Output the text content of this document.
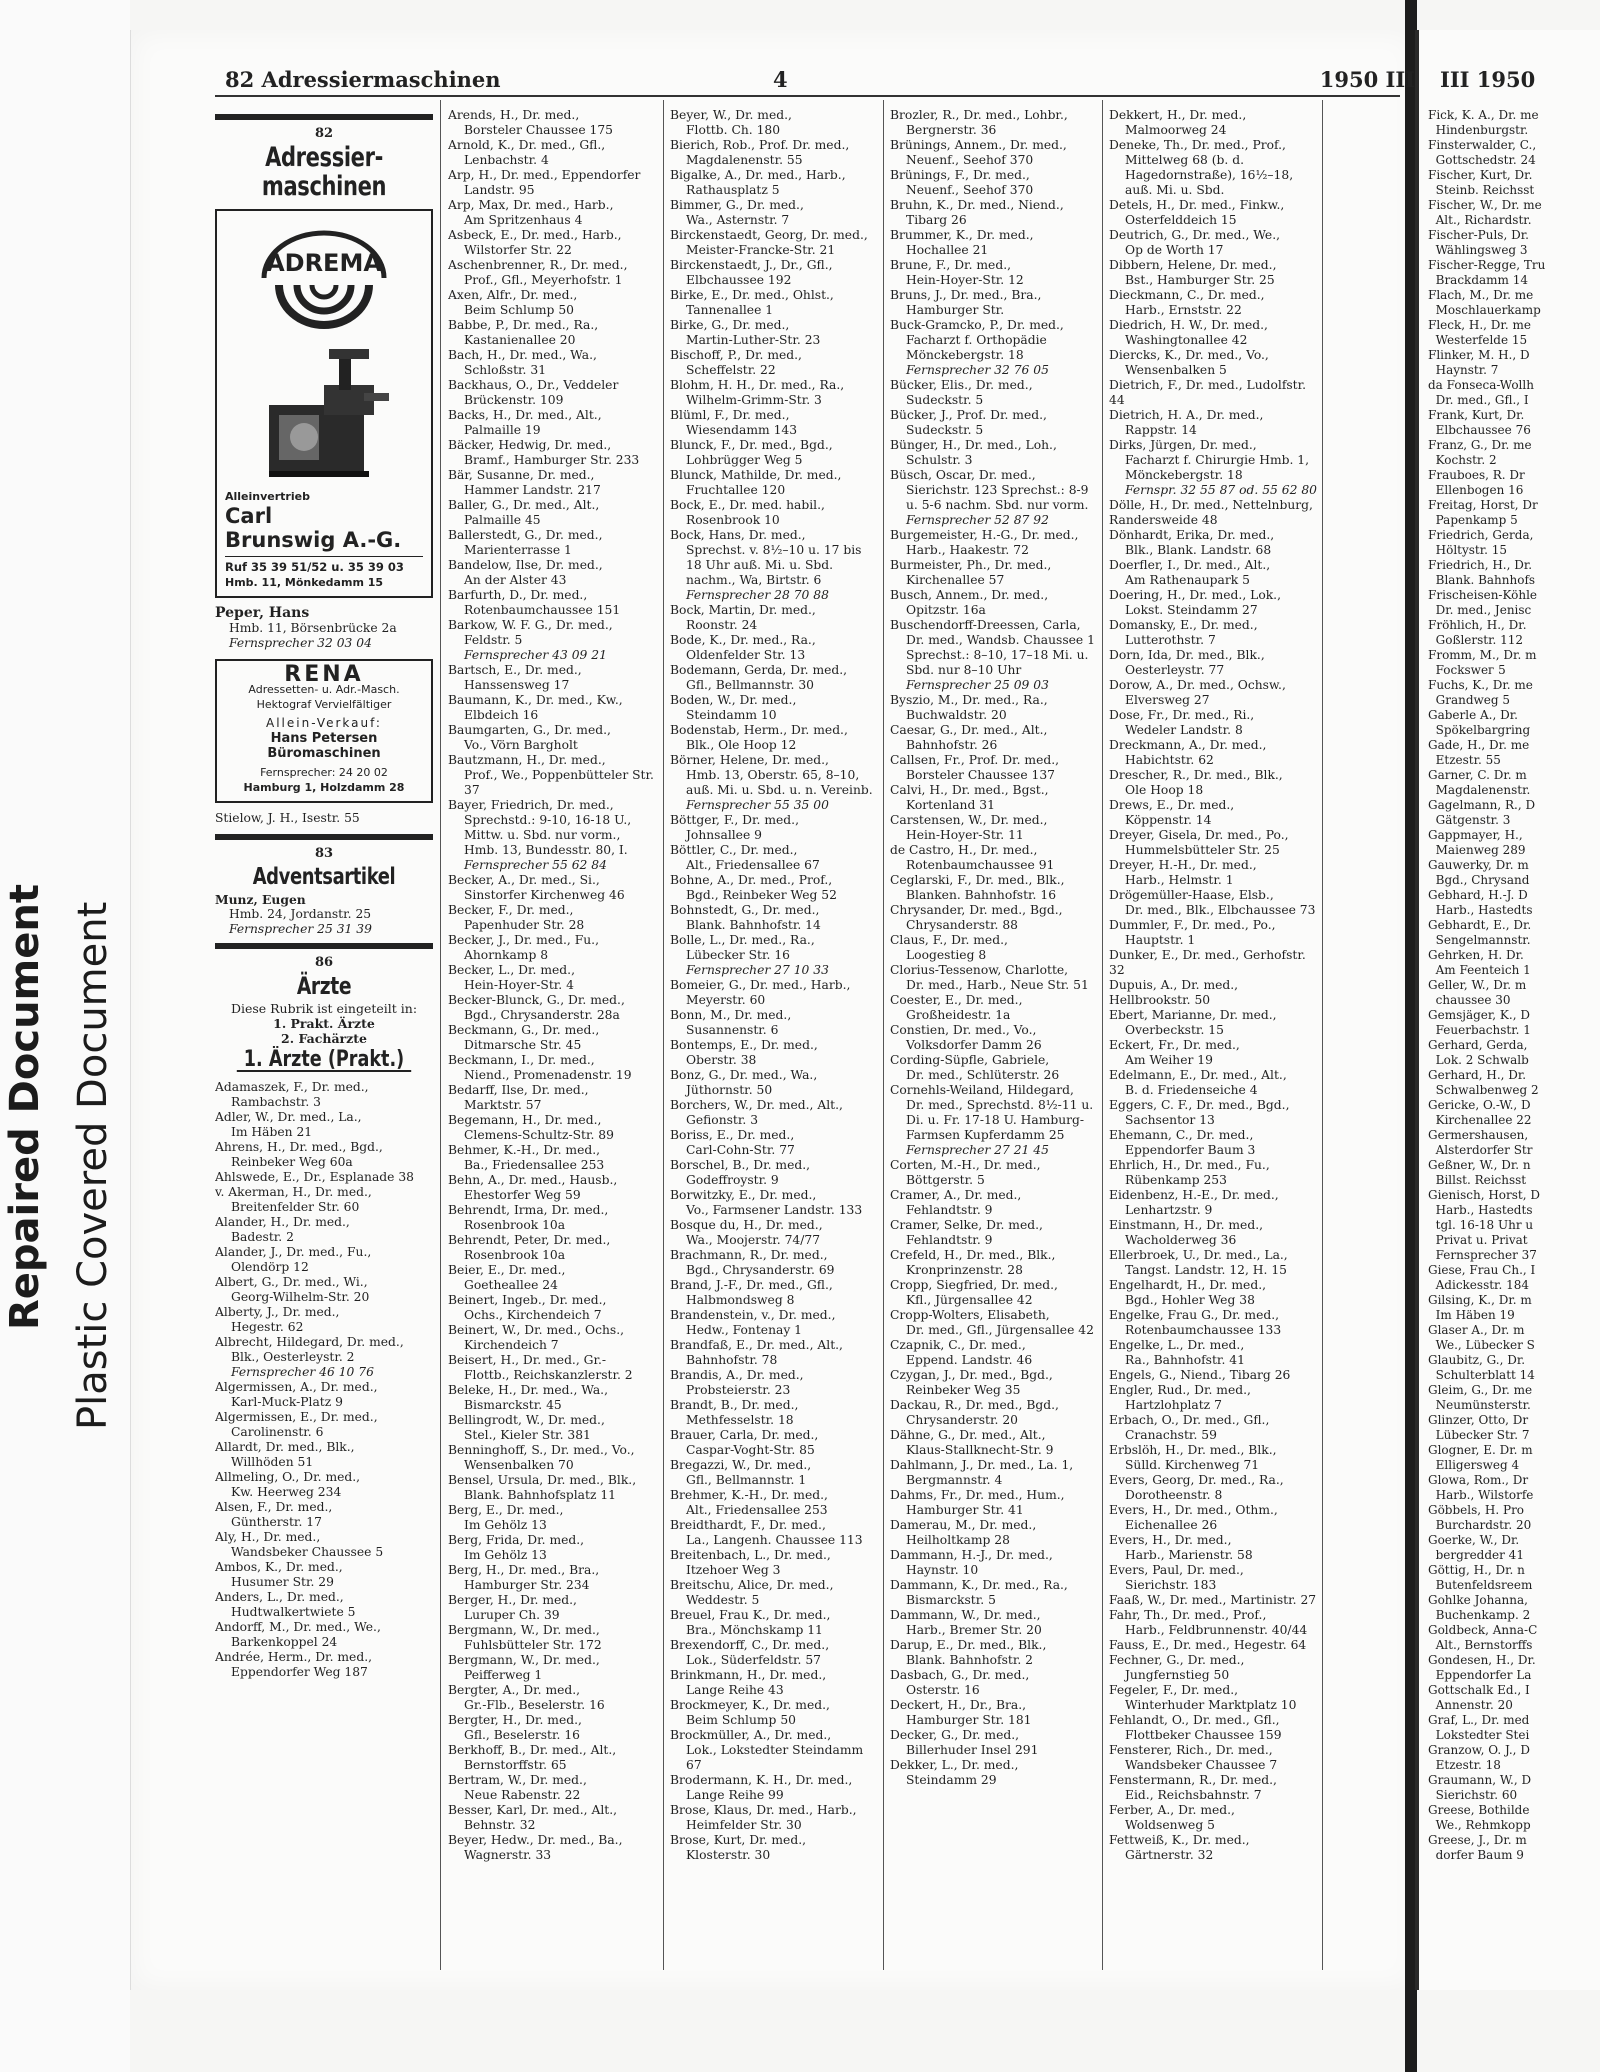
Repaired Document Plastic Covered Document
III 1950
82 Adressiermaschinen	4	1950 III
82
Adressier-
maschinen
ADREMA
Alleinvertrieb
Carl
Brunswig A.-G.
Ruf 35 39 51/52 u. 35 39 03
Hmb. 11, Mönkedamm 15
Peper, Hans
Hmb. 11, Börsenbrücke 2a
Fernsprecher 32 03 04
RENA
Adressetten- u. Adr.-Masch.
Hektograf Vervielfältiger
Allein-Verkauf:
Hans Petersen
Büromaschinen
Fernsprecher: 24 20 02
Hamburg 1, Holzdamm 28
Stielow, J. H., Isestr. 55
83
Adventsartikel
Munz, Eugen
Hmb. 24, Jordanstr. 25
Fernsprecher 25 31 39
86
Ärzte
Diese Rubrik ist eingeteilt in:
1. Prakt. Ärzte
2. Fachärzte
1. Ärzte (Prakt.)
Adamaszek, F., Dr. med.,
Rambachstr. 3
Adler, W., Dr. med., La.,
Im Häben 21
Ahrens, H., Dr. med., Bgd.,
Reinbeker Weg 60a
Ahlswede, E., Dr., Esplanade 38
v. Akerman, H., Dr. med.,
Breitenfelder Str. 60
Alander, H., Dr. med.,
Badestr. 2
Alander, J., Dr. med., Fu.,
Olendörp 12
Albert, G., Dr. med., Wi.,
Georg-Wilhelm-Str. 20
Alberty, J., Dr. med.,
Hegestr. 62
Albrecht, Hildegard, Dr. med.,
Blk., Oesterleystr. 2
Fernsprecher 46 10 76
Algermissen, A., Dr. med.,
Karl-Muck-Platz 9
Algermissen, E., Dr. med.,
Carolinenstr. 6
Allardt, Dr. med., Blk.,
Willhöden 51
Allmeling, O., Dr. med.,
Kw. Heerweg 234
Alsen, F., Dr. med.,
Güntherstr. 17
Aly, H., Dr. med.,
Wandsbeker Chaussee 5
Ambos, K., Dr. med.,
Husumer Str. 29
Anders, L., Dr. med.,
Hudtwalkertwiete 5
Andorff, M., Dr. med., We.,
Barkenkoppel 24
Andrée, Herm., Dr. med.,
Eppendorfer Weg 187
Arends, H., Dr. med.,
Borsteler Chaussee 175
Arnold, K., Dr. med., Gfl.,
Lenbachstr. 4
Arp, H., Dr. med., Eppendorfer
Landstr. 95
Arp, Max, Dr. med., Harb.,
Am Spritzenhaus 4
Asbeck, E., Dr. med., Harb.,
Wilstorfer Str. 22
Aschenbrenner, R., Dr. med.,
Prof., Gfl., Meyerhofstr. 1
Axen, Alfr., Dr. med.,
Beim Schlump 50
Babbe, P., Dr. med., Ra.,
Kastanienallee 20
Bach, H., Dr. med., Wa.,
Schloßstr. 31
Backhaus, O., Dr., Veddeler
Brückenstr. 109
Backs, H., Dr. med., Alt.,
Palmaille 19
Bäcker, Hedwig, Dr. med.,
Bramf., Hamburger Str. 233
Bär, Susanne, Dr. med.,
Hammer Landstr. 217
Baller, G., Dr. med., Alt.,
Palmaille 45
Ballerstedt, G., Dr. med.,
Marienterrasse 1
Bandelow, Ilse, Dr. med.,
An der Alster 43
Barfurth, D., Dr. med.,
Rotenbaumchaussee 151
Barkow, W. F. G., Dr. med.,
Feldstr. 5
Fernsprecher 43 09 21
Bartsch, E., Dr. med.,
Hanssensweg 17
Baumann, K., Dr. med., Kw.,
Elbdeich 16
Baumgarten, G., Dr. med.,
Vo., Vörn Bargholt
Bautzmann, H., Dr. med.,
Prof., We., Poppenbütteler Str. 37
Bayer, Friedrich, Dr. med.,
Sprechstd.: 9-10, 16-18 U., Mittw. u. Sbd. nur vorm., Hmb. 13, Bundesstr. 80, I.
Fernsprecher 55 62 84
Becker, A., Dr. med., Si.,
Sinstorfer Kirchenweg 46
Becker, F., Dr. med.,
Papenhuder Str. 28
Becker, J., Dr. med., Fu.,
Ahornkamp 8
Becker, L., Dr. med.,
Hein-Hoyer-Str. 4
Becker-Blunck, G., Dr. med.,
Bgd., Chrysanderstr. 28a
Beckmann, G., Dr. med.,
Ditmarsche Str. 45
Beckmann, I., Dr. med.,
Niend., Promenadenstr. 19
Bedarff, Ilse, Dr. med.,
Marktstr. 57
Begemann, H., Dr. med.,
Clemens-Schultz-Str. 89
Behmer, K.-H., Dr. med.,
Ba., Friedensallee 253
Behn, A., Dr. med., Hausb.,
Ehestorfer Weg 59
Behrendt, Irma, Dr. med.,
Rosenbrook 10a
Behrendt, Peter, Dr. med.,
Rosenbrook 10a
Beier, E., Dr. med.,
Goetheallee 24
Beinert, Ingeb., Dr. med.,
Ochs., Kirchendeich 7
Beinert, W., Dr. med., Ochs.,
Kirchendeich 7
Beisert, H., Dr. med., Gr.-
Flottb., Reichskanzlerstr. 2
Beleke, H., Dr. med., Wa.,
Bismarckstr. 45
Bellingrodt, W., Dr. med.,
Stel., Kieler Str. 381
Benninghoff, S., Dr. med., Vo.,
Wensenbalken 70
Bensel, Ursula, Dr. med., Blk.,
Blank. Bahnhofsplatz 11
Berg, E., Dr. med.,
Im Gehölz 13
Berg, Frida, Dr. med.,
Im Gehölz 13
Berg, H., Dr. med., Bra.,
Hamburger Str. 234
Berger, H., Dr. med.,
Luruper Ch. 39
Bergmann, W., Dr. med.,
Fuhlsbütteler Str. 172
Bergmann, W., Dr. med.,
Peifferweg 1
Bergter, A., Dr. med.,
Gr.-Flb., Beselerstr. 16
Bergter, H., Dr. med.,
Gfl., Beselerstr. 16
Berkhoff, B., Dr. med., Alt.,
Bernstorffstr. 65
Bertram, W., Dr. med.,
Neue Rabenstr. 22
Besser, Karl, Dr. med., Alt.,
Behnstr. 32
Beyer, Hedw., Dr. med., Ba.,
Wagnerstr. 33
Beyer, W., Dr. med.,
Flottb. Ch. 180
Bierich, Rob., Prof. Dr. med.,
Magdalenenstr. 55
Bigalke, A., Dr. med., Harb.,
Rathausplatz 5
Bimmer, G., Dr. med.,
Wa., Asternstr. 7
Birckenstaedt, Georg, Dr. med.,
Meister-Francke-Str. 21
Birckenstaedt, J., Dr., Gfl.,
Elbchaussee 192
Birke, E., Dr. med., Ohlst.,
Tannenallee 1
Birke, G., Dr. med.,
Martin-Luther-Str. 23
Bischoff, P., Dr. med.,
Scheffelstr. 22
Blohm, H. H., Dr. med., Ra.,
Wilhelm-Grimm-Str. 3
Blüml, F., Dr. med.,
Wiesendamm 143
Blunck, F., Dr. med., Bgd.,
Lohbrügger Weg 5
Blunck, Mathilde, Dr. med.,
Fruchtallee 120
Bock, E., Dr. med. habil.,
Rosenbrook 10
Bock, Hans, Dr. med.,
Sprechst. v. 8½–10 u. 17 bis 18 Uhr auß. Mi. u. Sbd. nachm., Wa, Birtstr. 6
Fernsprecher 28 70 88
Bock, Martin, Dr. med.,
Roonstr. 24
Bode, K., Dr. med., Ra.,
Oldenfelder Str. 13
Bodemann, Gerda, Dr. med.,
Gfl., Bellmannstr. 30
Boden, W., Dr. med.,
Steindamm 10
Bodenstab, Herm., Dr. med.,
Blk., Ole Hoop 12
Börner, Helene, Dr. med.,
Hmb. 13, Oberstr. 65, 8–10, auß. Mi. u. Sbd. u. n. Vereinb.
Fernsprecher 55 35 00
Böttger, F., Dr. med.,
Johnsallee 9
Böttler, C., Dr. med.,
Alt., Friedensallee 67
Bohne, A., Dr. med., Prof.,
Bgd., Reinbeker Weg 52
Bohnstedt, G., Dr. med.,
Blank. Bahnhofstr. 14
Bolle, L., Dr. med., Ra.,
Lübecker Str. 16
Fernsprecher 27 10 33
Bomeier, G., Dr. med., Harb.,
Meyerstr. 60
Bonn, M., Dr. med.,
Susannenstr. 6
Bontemps, E., Dr. med.,
Oberstr. 38
Bonz, G., Dr. med., Wa.,
Jüthornstr. 50
Borchers, W., Dr. med., Alt.,
Gefionstr. 3
Boriss, E., Dr. med.,
Carl-Cohn-Str. 77
Borschel, B., Dr. med.,
Godeffroystr. 9
Borwitzky, E., Dr. med.,
Vo., Farmsener Landstr. 133
Bosque du, H., Dr. med.,
Wa., Moojerstr. 74/77
Brachmann, R., Dr. med.,
Bgd., Chrysanderstr. 69
Brand, J.-F., Dr. med., Gfl.,
Halbmondsweg 8
Brandenstein, v., Dr. med.,
Hedw., Fontenay 1
Brandfaß, E., Dr. med., Alt.,
Bahnhofstr. 78
Brandis, A., Dr. med.,
Probsteierstr. 23
Brandt, B., Dr. med.,
Methfesselstr. 18
Brauer, Carla, Dr. med.,
Caspar-Voght-Str. 85
Bregazzi, W., Dr. med.,
Gfl., Bellmannstr. 1
Brehmer, K.-H., Dr. med.,
Alt., Friedensallee 253
Breidthardt, F., Dr. med.,
La., Langenh. Chaussee 113
Breitenbach, L., Dr. med.,
Itzehoer Weg 3
Breitschu, Alice, Dr. med.,
Weddestr. 5
Breuel, Frau K., Dr. med.,
Bra., Mönchskamp 11
Brexendorff, C., Dr. med.,
Lok., Süderfeldstr. 57
Brinkmann, H., Dr. med.,
Lange Reihe 43
Brockmeyer, K., Dr. med.,
Beim Schlump 50
Brockmüller, A., Dr. med.,
Lok., Lokstedter Steindamm 67
Brodermann, K. H., Dr. med.,
Lange Reihe 99
Brose, Klaus, Dr. med., Harb.,
Heimfelder Str. 30
Brose, Kurt, Dr. med.,
Klosterstr. 30
Brozler, R., Dr. med., Lohbr.,
Bergnerstr. 36
Brünings, Annem., Dr. med.,
Neuenf., Seehof 370
Brünings, F., Dr. med.,
Neuenf., Seehof 370
Bruhn, K., Dr. med., Niend.,
Tibarg 26
Brummer, K., Dr. med.,
Hochallee 21
Brune, F., Dr. med.,
Hein-Hoyer-Str. 12
Bruns, J., Dr. med., Bra.,
Hamburger Str.
Buck-Gramcko, P., Dr. med.,
Facharzt f. Orthopädie Mönckebergstr. 18
Fernsprecher 32 76 05
Bücker, Elis., Dr. med.,
Sudeckstr. 5
Bücker, J., Prof. Dr. med.,
Sudeckstr. 5
Bünger, H., Dr. med., Loh.,
Schulstr. 3
Büsch, Oscar, Dr. med.,
Sierichstr. 123 Sprechst.: 8-9 u. 5-6 nachm. Sbd. nur vorm.
Fernsprecher 52 87 92
Burgemeister, H.-G., Dr. med.,
Harb., Haakestr. 72
Burmeister, Ph., Dr. med.,
Kirchenallee 57
Busch, Annem., Dr. med.,
Opitzstr. 16a
Buschendorff-Dreessen, Carla,
Dr. med., Wandsb. Chaussee 1 Sprechst.: 8–10, 17–18 Mi. u. Sbd. nur 8–10 Uhr
Fernsprecher 25 09 03
Byszio, M., Dr. med., Ra.,
Buchwaldstr. 20
Caesar, G., Dr. med., Alt.,
Bahnhofstr. 26
Callsen, Fr., Prof. Dr. med.,
Borsteler Chaussee 137
Calvi, H., Dr. med., Bgst.,
Kortenland 31
Carstensen, W., Dr. med.,
Hein-Hoyer-Str. 11
de Castro, H., Dr. med.,
Rotenbaumchaussee 91
Ceglarski, F., Dr. med., Blk.,
Blanken. Bahnhofstr. 16
Chrysander, Dr. med., Bgd.,
Chrysanderstr. 88
Claus, F., Dr. med.,
Loogestieg 8
Clorius-Tessenow, Charlotte,
Dr. med., Harb., Neue Str. 51
Coester, E., Dr. med.,
Großheidestr. 1a
Constien, Dr. med., Vo.,
Volksdorfer Damm 26
Cording-Süpfle, Gabriele,
Dr. med., Schlüterstr. 26
Cornehls-Weiland, Hildegard,
Dr. med., Sprechstd. 8½-11 u. Di. u. Fr. 17-18 U. Hamburg-Farmsen Kupferdamm 25
Fernsprecher 27 21 45
Corten, M.-H., Dr. med.,
Böttgerstr. 5
Cramer, A., Dr. med.,
Fehlandtstr. 9
Cramer, Selke, Dr. med.,
Fehlandtstr. 9
Crefeld, H., Dr. med., Blk.,
Kronprinzenstr. 28
Cropp, Siegfried, Dr. med.,
Kfl., Jürgensallee 42
Cropp-Wolters, Elisabeth,
Dr. med., Gfl., Jürgensallee 42
Czapnik, C., Dr. med.,
Eppend. Landstr. 46
Czygan, J., Dr. med., Bgd.,
Reinbeker Weg 35
Dackau, R., Dr. med., Bgd.,
Chrysanderstr. 20
Dähne, G., Dr. med., Alt.,
Klaus-Stallknecht-Str. 9
Dahlmann, J., Dr. med., La. 1,
Bergmannstr. 4
Dahms, Fr., Dr. med., Hum.,
Hamburger Str. 41
Damerau, M., Dr. med.,
Heilholtkamp 28
Dammann, H.-J., Dr. med.,
Haynstr. 10
Dammann, K., Dr. med., Ra.,
Bismarckstr. 5
Dammann, W., Dr. med.,
Harb., Bremer Str. 20
Darup, E., Dr. med., Blk.,
Blank. Bahnhofstr. 2
Dasbach, G., Dr. med.,
Osterstr. 16
Deckert, H., Dr., Bra.,
Hamburger Str. 181
Decker, G., Dr. med.,
Billerhuder Insel 291
Dekker, L., Dr. med.,
Steindamm 29
Dekkert, H., Dr. med.,
Malmoorweg 24
Deneke, Th., Dr. med., Prof.,
Mittelweg 68 (b. d. Hagedornstraße), 16½–18, auß. Mi. u. Sbd.
Detels, H., Dr. med., Finkw.,
Osterfelddeich 15
Deutrich, G., Dr. med., We.,
Op de Worth 17
Dibbern, Helene, Dr. med.,
Bst., Hamburger Str. 25
Dieckmann, C., Dr. med.,
Harb., Ernststr. 22
Diedrich, H. W., Dr. med.,
Washingtonallee 42
Diercks, K., Dr. med., Vo.,
Wensenbalken 5
Dietrich, F., Dr. med., Ludolfstr. 44
Dietrich, H. A., Dr. med.,
Rappstr. 14
Dirks, Jürgen, Dr. med.,
Facharzt f. Chirurgie Hmb. 1, Mönckebergstr. 18
Fernspr. 32 55 87 od. 55 62 80
Dölle, H., Dr. med., Nettelnburg, Randersweide 48
Dönhardt, Erika, Dr. med.,
Blk., Blank. Landstr. 68
Doerfler, I., Dr. med., Alt.,
Am Rathenaupark 5
Doering, H., Dr. med., Lok.,
Lokst. Steindamm 27
Domansky, E., Dr. med.,
Lutterothstr. 7
Dorn, Ida, Dr. med., Blk.,
Oesterleystr. 77
Dorow, A., Dr. med., Ochsw.,
Elversweg 27
Dose, Fr., Dr. med., Ri.,
Wedeler Landstr. 8
Dreckmann, A., Dr. med.,
Habichtstr. 62
Drescher, R., Dr. med., Blk.,
Ole Hoop 18
Drews, E., Dr. med.,
Köppenstr. 14
Dreyer, Gisela, Dr. med., Po.,
Hummelsbütteler Str. 25
Dreyer, H.-H., Dr. med.,
Harb., Helmstr. 1
Drögemüller-Haase, Elsb.,
Dr. med., Blk., Elbchaussee 73
Dummler, F., Dr. med., Po.,
Hauptstr. 1
Dunker, E., Dr. med., Gerhofstr. 32
Dupuis, A., Dr. med., Hellbrookstr. 50
Ebert, Marianne, Dr. med.,
Overbeckstr. 15
Eckert, Fr., Dr. med.,
Am Weiher 19
Edelmann, E., Dr. med., Alt.,
B. d. Friedenseiche 4
Eggers, C. F., Dr. med., Bgd.,
Sachsentor 13
Ehemann, C., Dr. med.,
Eppendorfer Baum 3
Ehrlich, H., Dr. med., Fu.,
Rübenkamp 253
Eidenbenz, H.-E., Dr. med.,
Lenhartzstr. 9
Einstmann, H., Dr. med.,
Wacholderweg 36
Ellerbroek, U., Dr. med., La.,
Tangst. Landstr. 12, H. 15
Engelhardt, H., Dr. med.,
Bgd., Hohler Weg 38
Engelke, Frau G., Dr. med.,
Rotenbaumchaussee 133
Engelke, L., Dr. med.,
Ra., Bahnhofstr. 41
Engels, G., Niend., Tibarg 26
Engler, Rud., Dr. med.,
Hartzlohplatz 7
Erbach, O., Dr. med., Gfl.,
Cranachstr. 59
Erbslöh, H., Dr. med., Blk.,
Sülld. Kirchenweg 71
Evers, Georg, Dr. med., Ra.,
Dorotheenstr. 8
Evers, H., Dr. med., Othm.,
Eichenallee 26
Evers, H., Dr. med.,
Harb., Marienstr. 58
Evers, Paul, Dr. med.,
Sierichstr. 183
Faaß, W., Dr. med., Martinistr. 27
Fahr, Th., Dr. med., Prof.,
Harb., Feldbrunnenstr. 40/44
Fauss, E., Dr. med., Hegestr. 64
Fechner, G., Dr. med.,
Jungfernstieg 50
Fegeler, F., Dr. med.,
Winterhuder Marktplatz 10
Fehlandt, O., Dr. med., Gfl.,
Flottbeker Chaussee 159
Fensterer, Rich., Dr. med.,
Wandsbeker Chaussee 7
Fenstermann, R., Dr. med.,
Eid., Reichsbahnstr. 7
Ferber, A., Dr. med.,
Woldsenweg 5
Fettweiß, K., Dr. med.,
Gärtnerstr. 32
Fick, K. A., Dr. me
Hindenburgstr.
Finsterwalder, C.,
Gottschedstr. 24
Fischer, Kurt, Dr.
Steinb. Reichsst
Fischer, W., Dr. me
Alt., Richardstr.
Fischer-Puls, Dr.
Wählingsweg 3
Fischer-Regge, Tru
Brackdamm 14
Flach, M., Dr. me
Moschlauerkamp
Fleck, H., Dr. me
Westerfelde 15
Flinker, M. H., D
Haynstr. 7
da Fonseca-Wollh
Dr. med., Gfl., I
Frank, Kurt, Dr.
Elbchaussee 76
Franz, G., Dr. me
Kochstr. 2
Frauboes, R. Dr
Ellenbogen 16
Freitag, Horst, Dr
Papenkamp 5
Friedrich, Gerda,
Höltystr. 15
Friedrich, H., Dr.
Blank. Bahnhofs
Frischeisen-Köhle
Dr. med., Jenisc
Fröhlich, H., Dr.
Goßlerstr. 112
Fromm, M., Dr. m
Fockswег 5
Fuchs, K., Dr. me
Grandweg 5
Gaberle A., Dr.
Spökelbargring
Gade, H., Dr. me
Etzestr. 55
Garner, C. Dr. m
Magdalenenstr.
Gagelmann, R., D
Gätgenstr. 3
Gappmayer, H.,
Maienweg 289
Gauwerky, Dr. m
Bgd., Chrysand
Gebhard, H.-J. D
Harb., Hastedts
Gebhardt, E., Dr.
Sengelmannstr.
Gehrken, H. Dr.
Am Feenteich 1
Geller, W., Dr. m
chaussee 30
Gemsjäger, K., D
Feuerbachstr. 1
Gerhard, Gerda,
Lok. 2 Schwalb
Gerhard, H., Dr.
Schwalbenweg 2
Gericke, O.-W., D
Kirchenallee 22
Germershausen,
Alsterdorfer Str
Geßner, W., Dr. n
Billst. Reichsst
Gienisch, Horst, D
Harb., Hastedts
tgl. 16-18 Uhr u
Privat u. Privat
Fernsprecher 37
Giese, Frau Ch., I
Adickesstr. 184
Gilsing, K., Dr. m
Im Häben 19
Glaser A., Dr. m
We., Lübecker S
Glaubitz, G., Dr.
Schulterblatt 14
Gleim, G., Dr. me
Neumünsterstr.
Glinzer, Otto, Dr
Lübecker Str. 7
Glogner, E. Dr. m
Elligersweg 4
Glowa, Rom., Dr
Harb., Wilstorfe
Göbbels, H. Pro
Burchardstr. 20
Goerke, W., Dr.
bergredder 41
Göttig, H., Dr. n
Butenfeldsreem
Gohlke Johanna,
Buchenkamp. 2
Goldbeck, Anna-C
Alt., Bernstorffs
Gondesen, H., Dr.
Eppendorfer La
Gottschalk Ed., I
Annenstr. 20
Graf, L., Dr. med
Lokstedter Stei
Granzow, O. J., D
Etzestr. 18
Graumann, W., D
Sierichstr. 60
Greese, Bothilde
We., Rehmkopp
Greese, J., Dr. m
dorfer Baum 9
